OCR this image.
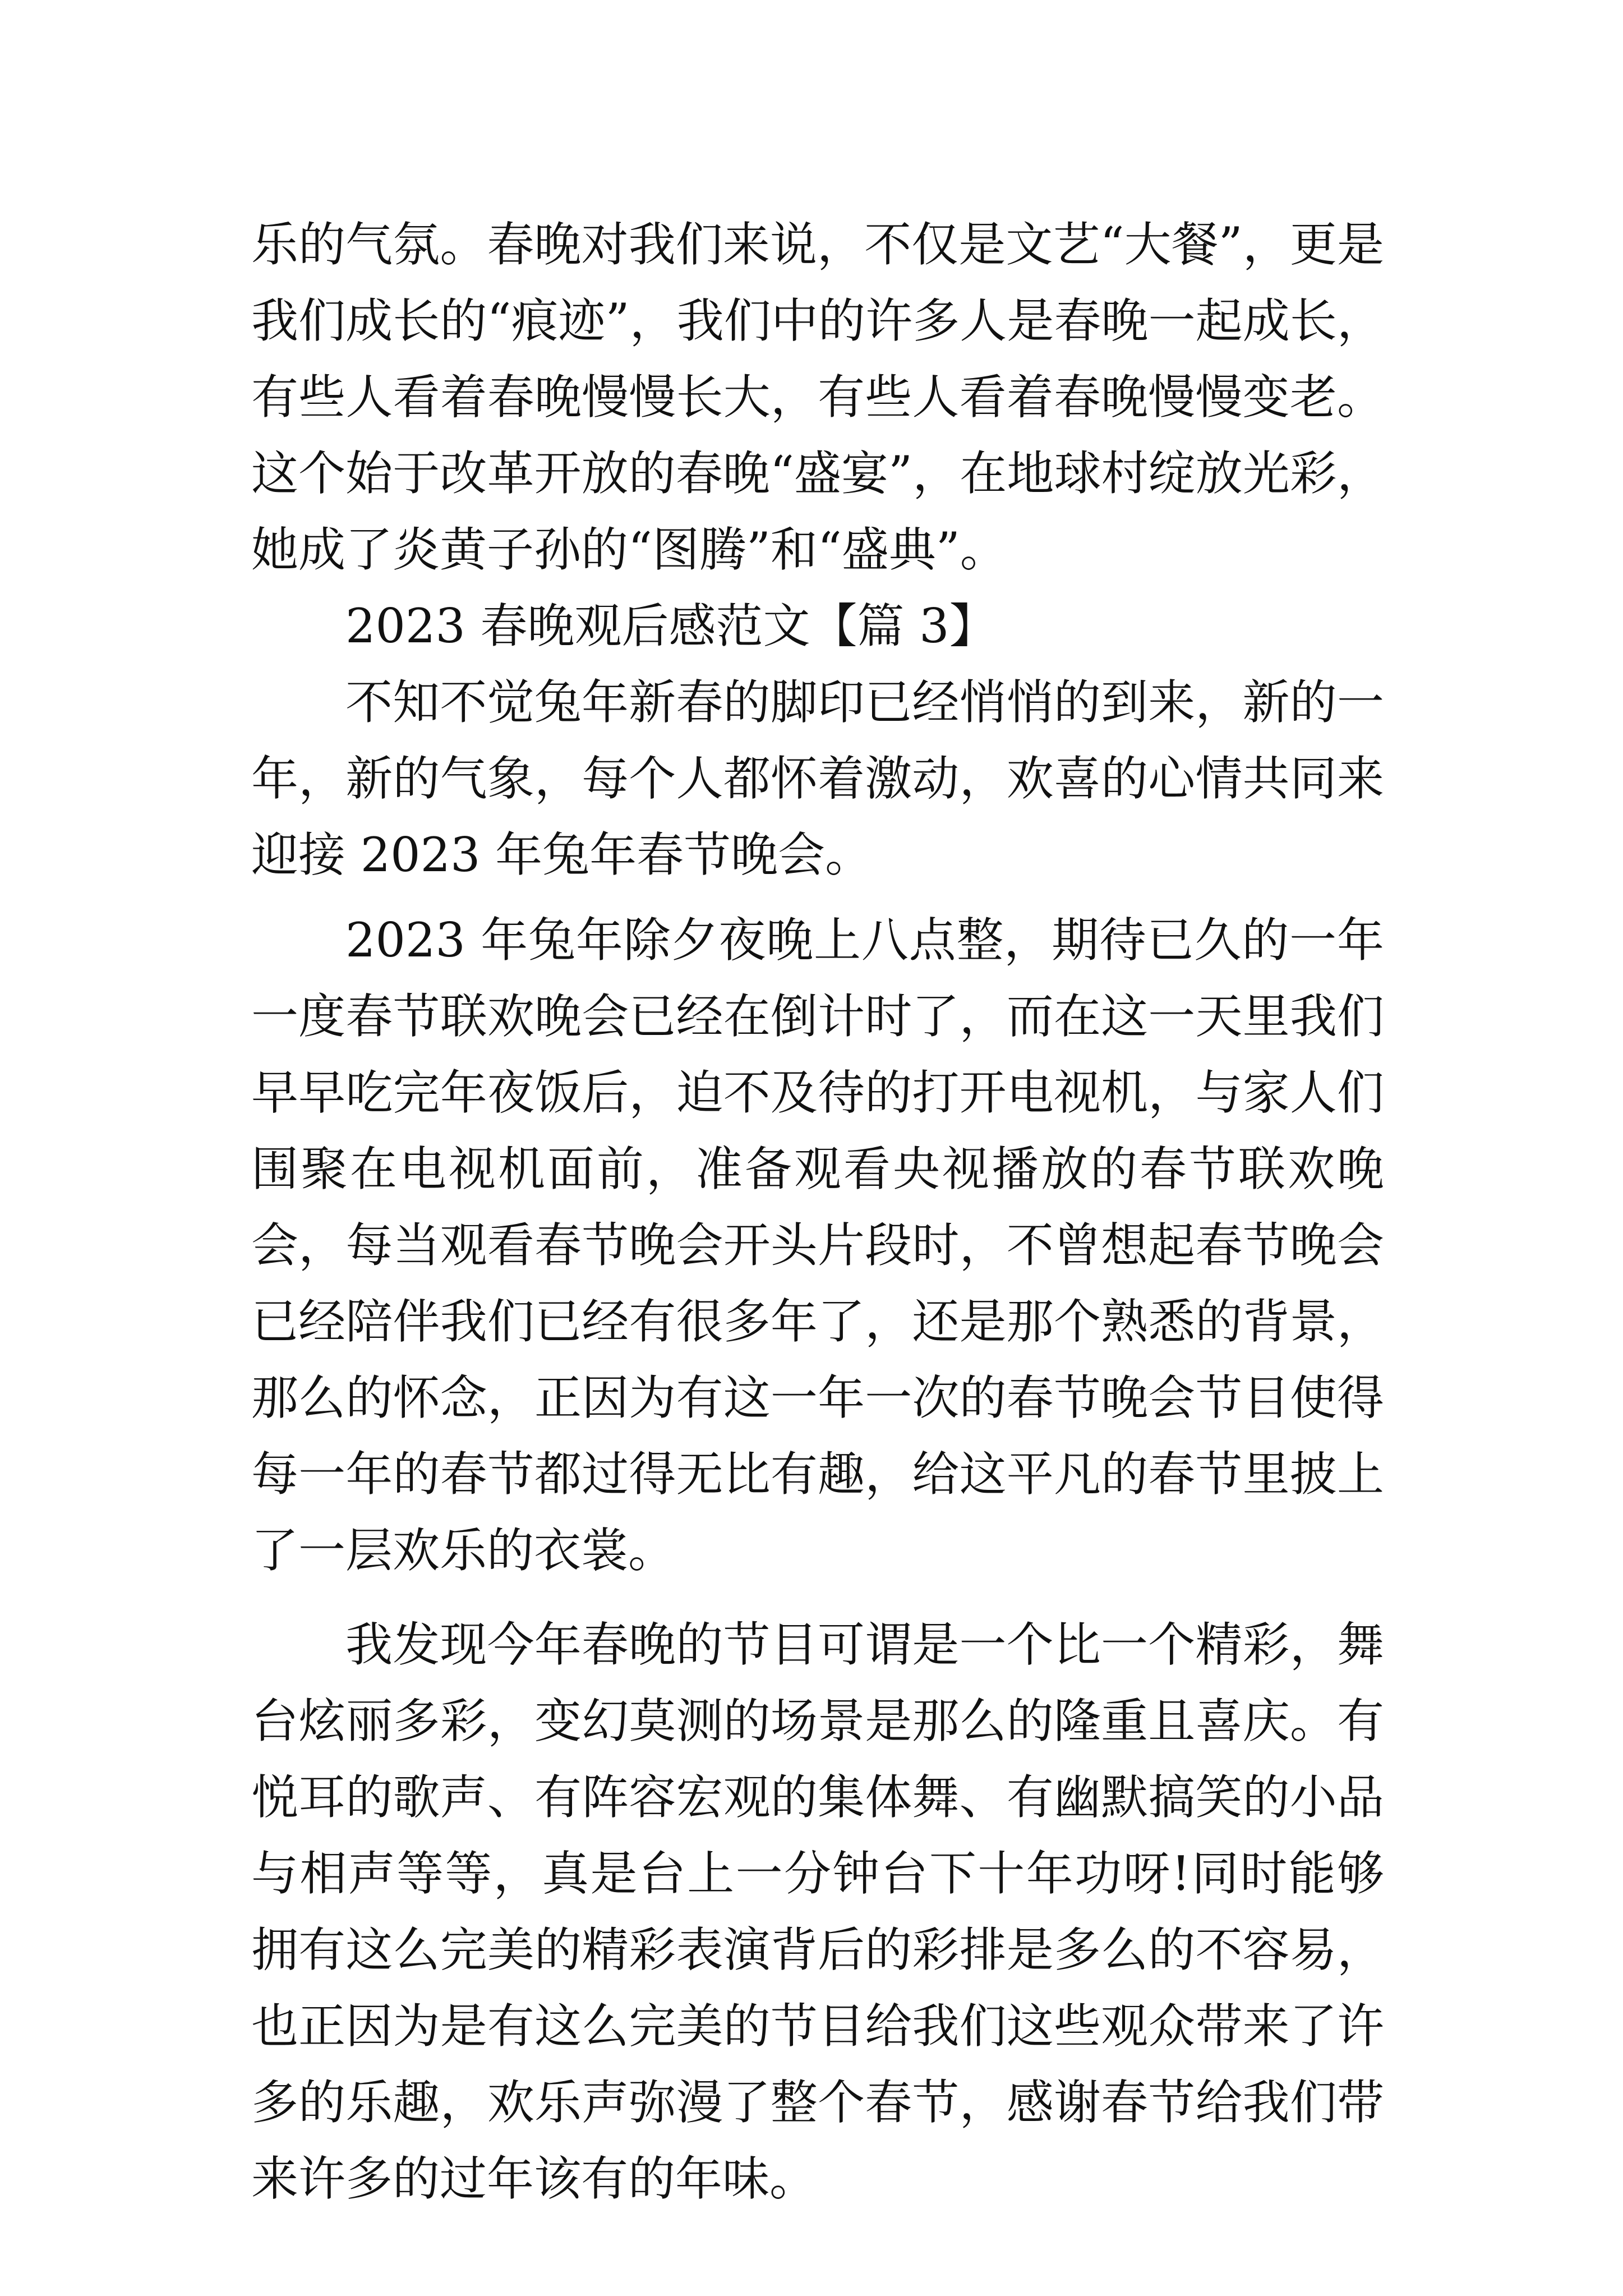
乐的气氛。春晚对我们来说，不仅是文艺“大餐”，更是我们成长的“痕迹”，我们中的许多人是春晚一起成长，有些人看着春晚慢慢长大，有些人看着春晚慢慢变老。这个始于改革开放的春晚“盛宴”，在地球村绽放光彩，她成了炎黄子孙的“图腾”和“盛典”。

2023 春晚观后感范文【篇 3】

不知不觉兔年新春的脚印已经悄悄的到来，新的一年，新的气象，每个人都怀着激动，欢喜的心情共同来迎接 2023 年兔年春节晚会。

2023 年兔年除夕夜晚上八点整，期待已久的一年一度春节联欢晚会已经在倒计时了，而在这一天里我们早早吃完年夜饭后，迫不及待的打开电视机，与家人们围聚在电视机面前，准备观看央视播放的春节联欢晚会，每当观看春节晚会开头片段时，不曾想起春节晚会已经陪伴我们已经有很多年了，还是那个熟悉的背景，那么的怀念，正因为有这一年一次的春节晚会节目使得每一年的春节都过得无比有趣，给这平凡的春节里披上了一层欢乐的衣裳。

我发现今年春晚的节目可谓是一个比一个精彩，舞台炫丽多彩，变幻莫测的场景是那么的隆重且喜庆。有悦耳的歌声、有阵容宏观的集体舞、有幽默搞笑的小品与相声等等，真是台上一分钟台下十年功呀!同时能够拥有这么完美的精彩表演背后的彩排是多么的不容易，也正因为是有这么完美的节目给我们这些观众带来了许多的乐趣，欢乐声弥漫了整个春节，感谢春节给我们带来许多的过年该有的年味。
